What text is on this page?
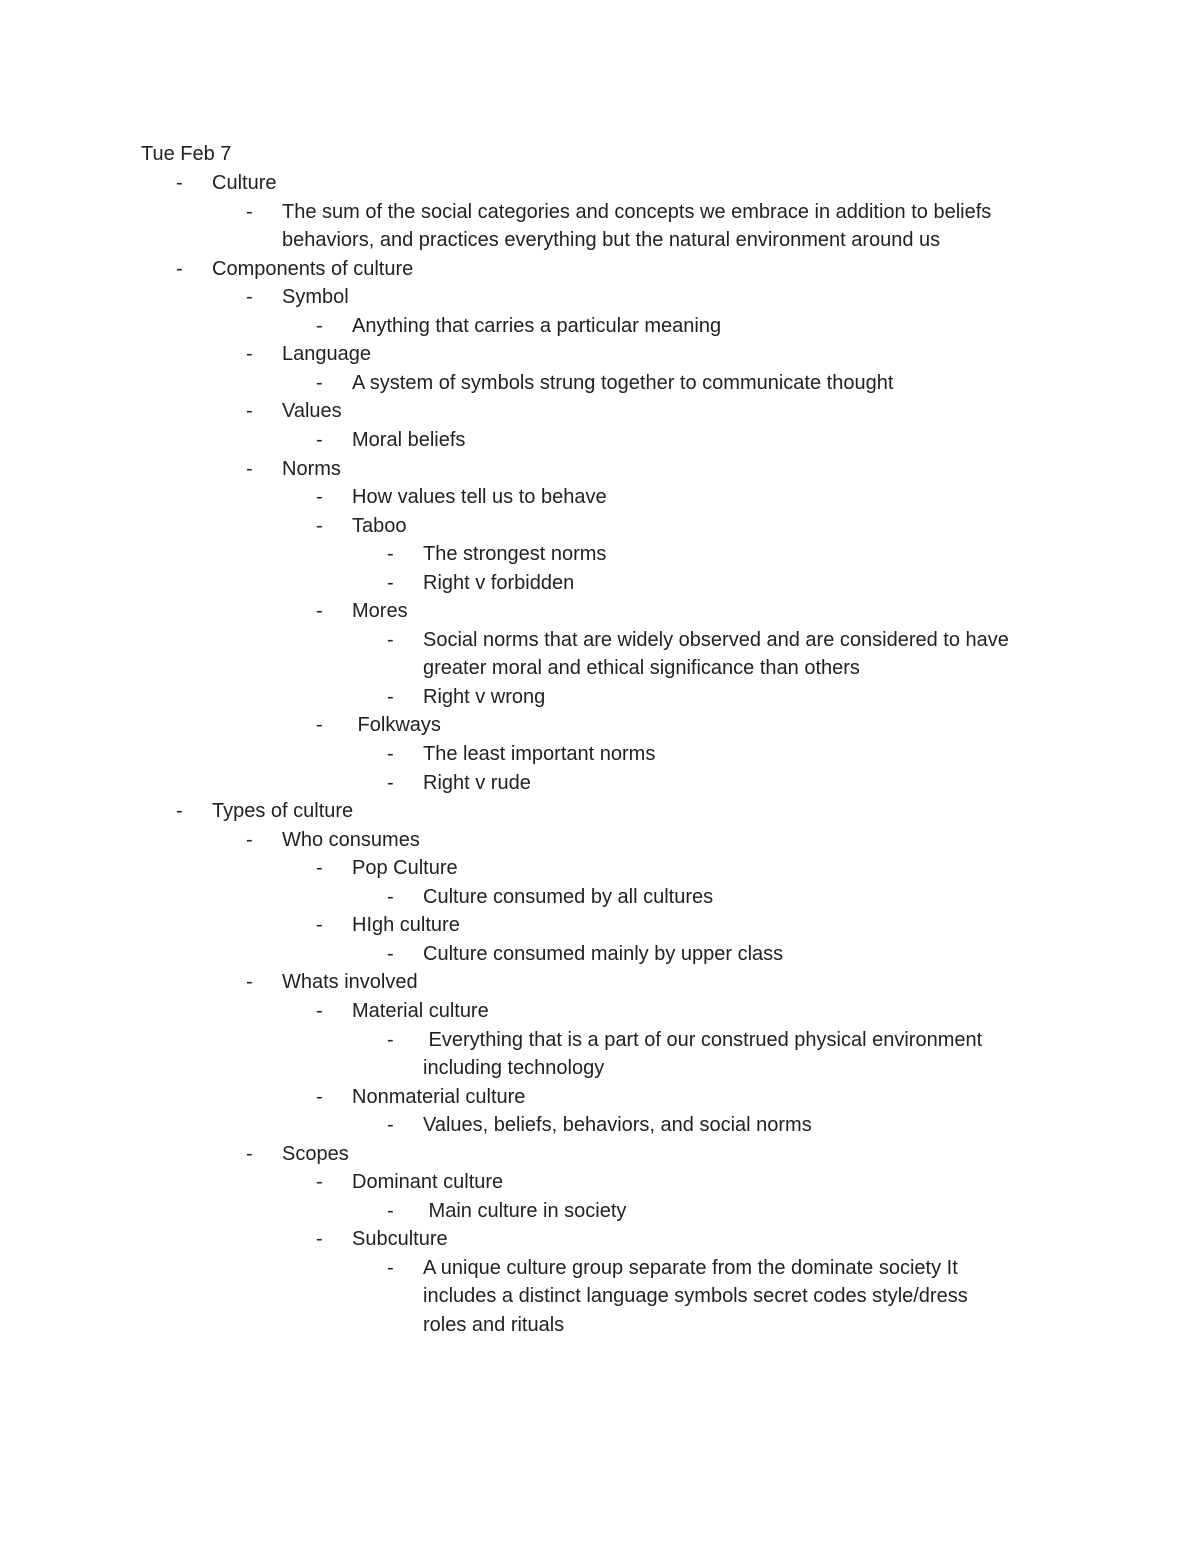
Tue Feb 7
-	Culture
-	The sum of the social categories and concepts we embrace in addition to beliefs
behaviors, and practices everything but the natural environment around us
-	Components of culture
-	Symbol
-	Anything that carries a particular meaning
-	Language
-	A system of symbols strung together to communicate thought
-	Values
-	Moral beliefs
-	Norms
-	How values tell us to behave
-	Taboo
-	The strongest norms
-	Right v forbidden
-	Mores
-	Social norms that are widely observed and are considered to have
greater moral and ethical significance than others
-	Right v wrong
-	Folkways
-	The least important norms
-	Right v rude
-	Types of culture
-	Who consumes
-	Pop Culture
-	Culture consumed by all cultures
-	HIgh culture
-	Culture consumed mainly by upper class
-	Whats involved
-	Material culture
-	Everything that is a part of our construed physical environment
including technology
-	Nonmaterial culture
-	Values, beliefs, behaviors, and social norms
-	Scopes
-	Dominant culture
-	Main culture in society
-	Subculture
-	A unique culture group separate from the dominate society It
includes a distinct language symbols secret codes style/dress
roles and rituals
